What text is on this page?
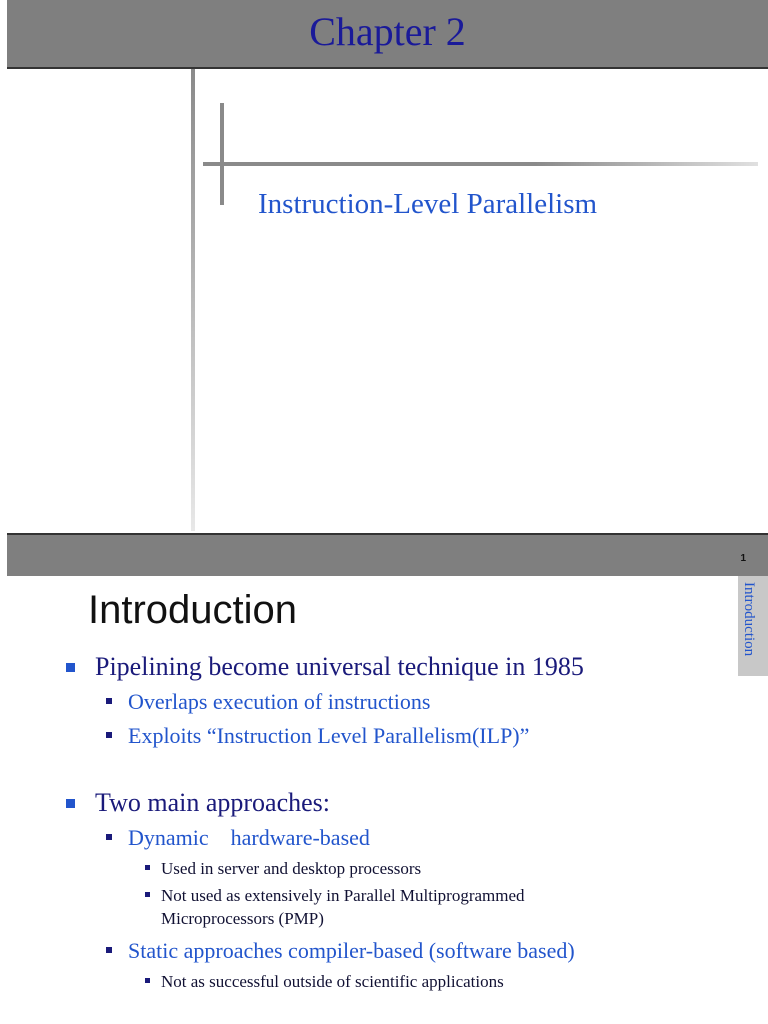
Chapter 2
Instruction-Level Parallelism
1
Introduction	Introduction
Pipelining become universal technique in 1985
Overlaps execution of instructions
Exploits “Instruction Level Parallelism(ILP)”
Two main approaches:
Dynamic    hardware-based
Used in server and desktop processors
Not used as extensively in Parallel Multiprogrammed
Microprocessors (PMP)
Static approaches compiler-based (software based)
Not as successful outside of scientific applications
